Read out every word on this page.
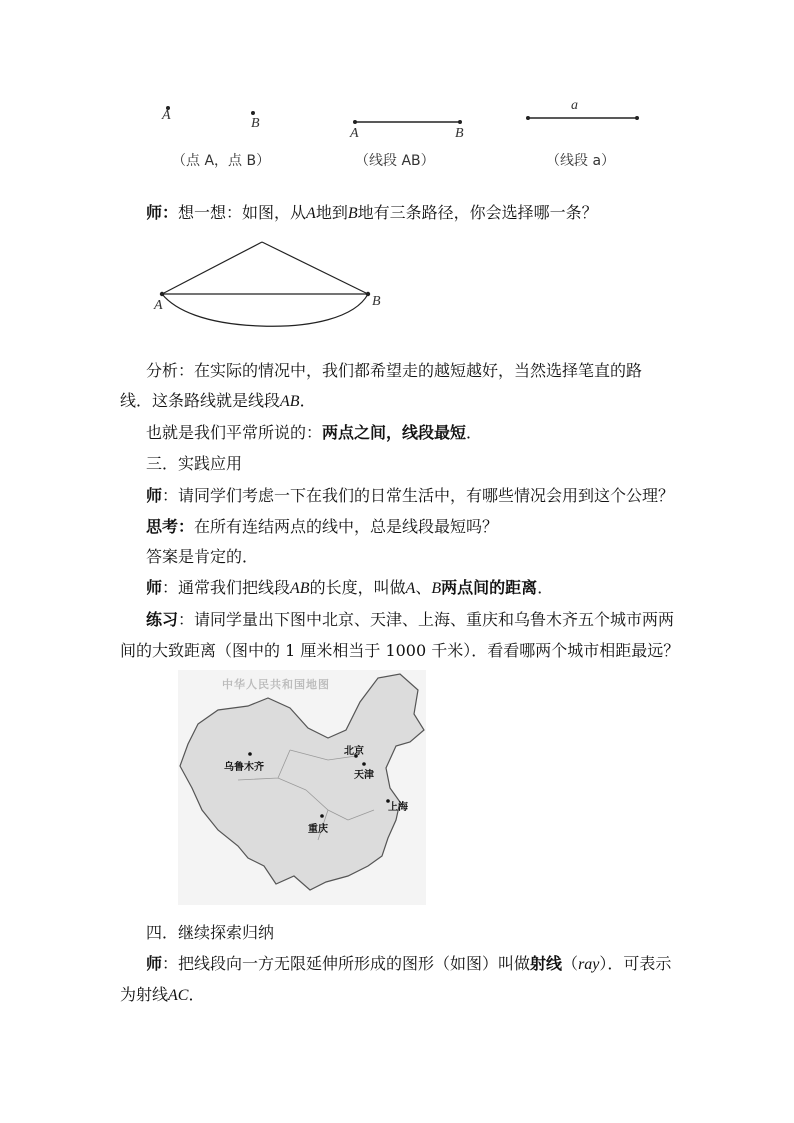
A
B
（点 A，点 B）
A	B
（线段 AB）
a
（线段 a）
师：想一想：如图，从A地到B地有三条路径，你会选择哪一条？
A	B
分析：在实际的情况中，我们都希望走的越短越好，当然选择笔直的路
线．这条路线就是线段AB．
也就是我们平常所说的：两点之间，线段最短．
三．实践应用
师：请同学们考虑一下在我们的日常生活中，有哪些情况会用到这个公理？
思考：在所有连结两点的线中，总是线段最短吗？
答案是肯定的．
师：通常我们把线段AB的长度，叫做A、B两点间的距离．
练习：请同学量出下图中北京、天津、上海、重庆和乌鲁木齐五个城市两两
间的大致距离（图中的 1 厘米相当于 1000 千米）．看看哪两个城市相距最远？
中华人民共和国地图
乌鲁木齐
北京
天津
上海
重庆
四．继续探索归纳
师：把线段向一方无限延伸所形成的图形（如图）叫做射线（ray）．可表示
为射线AC．
